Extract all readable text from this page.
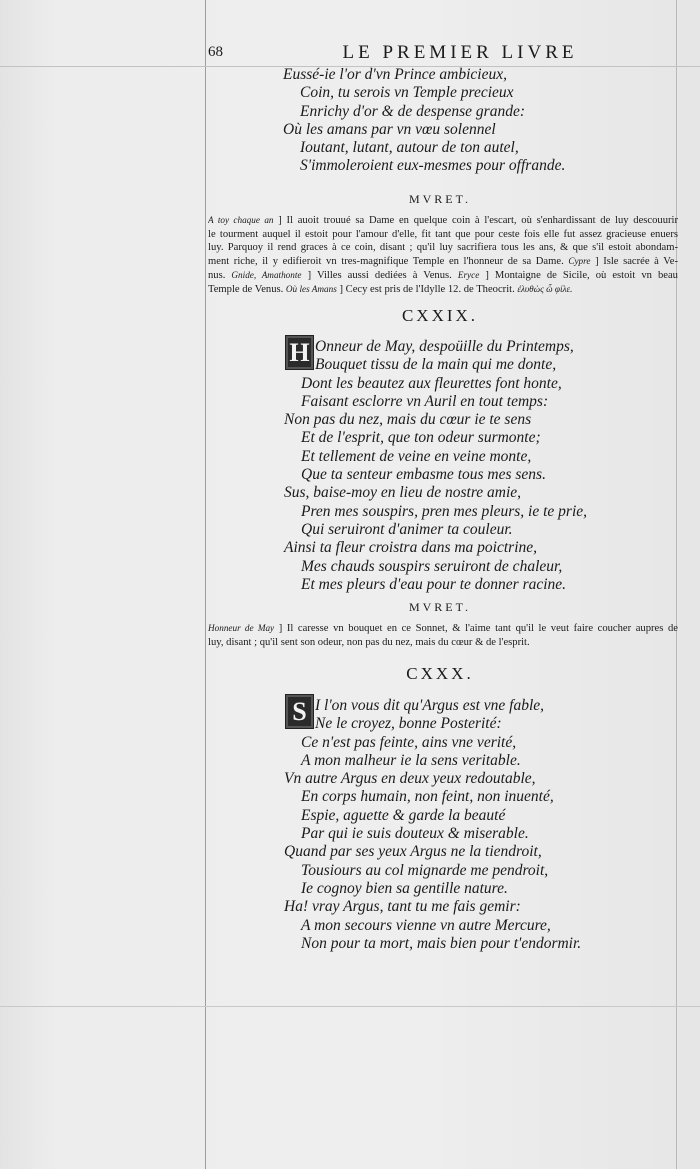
68	LE PREMIER LIVRE
Eussé-ie l'or d'vn Prince ambicieux,
Coin, tu serois vn Temple precieux
Enrichy d'or & de despense grande:
Où les amans par vn vœu solennel
Ioutant, lutant, autour de ton autel,
S'immoleroient eux-mesmes pour offrande.
MVRET.
A toy chaque an ] Il auoit trouué sa Dame en quelque coin à l'escart, où s'enhardissant de luy descouurir
le tourment auquel il estoit pour l'amour d'elle, fit tant que pour ceste fois elle fut assez gracieuse enuers
luy. Parquoy il rend graces à ce coin, disant ; qu'il luy sacrifiera tous les ans, & que s'il estoit abondam-
ment riche, il y edifieroit vn tres-magnifique Temple en l'honneur de sa Dame. Cypre ] Isle sacrée à Ve-
nus. Gnide, Amathonte ] Villes aussi dediées à Venus. Eryce ] Montaigne de Sicile, où estoit vn beau
Temple de Venus. Où les Amans ] Cecy est pris de l'Idylle 12. de Theocrit. ἐλυθὼς ὦ φίλε.
CXXIX.
H Onneur de May, despoüille du Printemps,
Bouquet tissu de la main qui me donte,
Dont les beautez aux fleurettes font honte,
Faisant esclorre vn Auril en tout temps:
Non pas du nez, mais du cœur ie te sens
Et de l'esprit, que ton odeur surmonte;
Et tellement de veine en veine monte,
Que ta senteur embasme tous mes sens.
Sus, baise-moy en lieu de nostre amie,
Pren mes souspirs, pren mes pleurs, ie te prie,
Qui seruiront d'animer ta couleur.
Ainsi ta fleur croistra dans ma poictrine,
Mes chauds souspirs seruiront de chaleur,
Et mes pleurs d'eau pour te donner racine.
MVRET.
Honneur de May ] Il caresse vn bouquet en ce Sonnet, & l'aime tant qu'il le veut faire coucher aupres de
luy, disant ; qu'il sent son odeur, non pas du nez, mais du cœur & de l'esprit.
CXXX.
S I l'on vous dit qu'Argus est vne fable,
Ne le croyez, bonne Posterité:
Ce n'est pas feinte, ains vne verité,
A mon malheur ie la sens veritable.
Vn autre Argus en deux yeux redoutable,
En corps humain, non feint, non inuenté,
Espie, aguette & garde la beauté
Par qui ie suis douteux & miserable.
Quand par ses yeux Argus ne la tiendroit,
Tousiours au col mignarde me pendroit,
Ie cognoy bien sa gentille nature.
Ha! vray Argus, tant tu me fais gemir:
A mon secours vienne vn autre Mercure,
Non pour ta mort, mais bien pour t'endormir.
